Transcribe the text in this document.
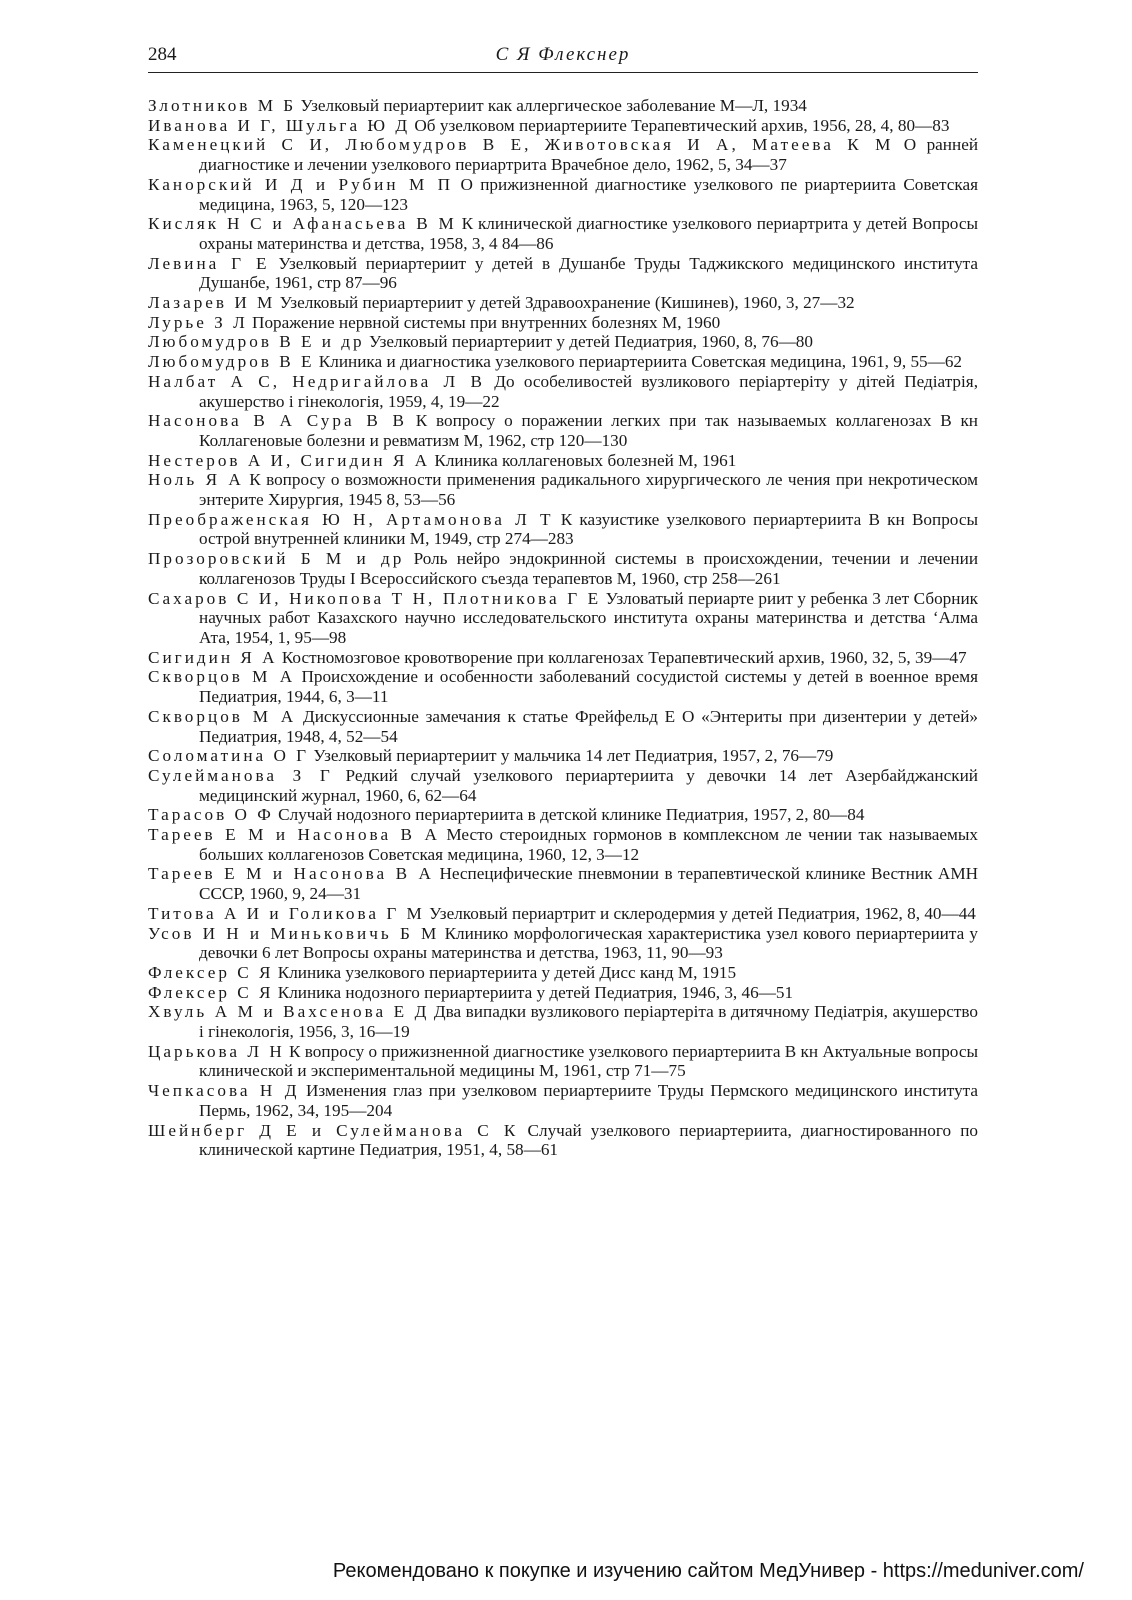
284	С Я Флекснер

Злотников М Б Узелковый периартериит как аллергическое заболевание М—Л, 1934

Иванова И Г, Шульга Ю Д Об узелковом периартериите Терапевтический архив, 1956, 28, 4, 80—83

Каменецкий С И, Любомудров В Е, Животовская И А, Матеева К М О ранней диагностике и лечении узелкового периартрита Врачебное дело, 1962, 5, 34—37

Канорский И Д и Рубин М П О прижизненной диагностике узелкового пе риартериита Советская медицина, 1963, 5, 120—123

Кисляк Н С и Афанасьева В М К клинической диагностике узелкового периартрита у детей Вопросы охраны материнства и детства, 1958, 3, 4 84—86

Левина Г Е Узелковый периартериит у детей в Душанбе Труды Таджикского медицинского института Душанбе, 1961, стр 87—96

Лазарев И М Узелковый периартериит у детей Здравоохранение (Кишинев), 1960, 3, 27—32

Лурье З Л Поражение нервной системы при внутренних болезнях М, 1960

Любомудров В Е и др Узелковый периартериит у детей Педиатрия, 1960, 8, 76—80

Любомудров В Е Клиника и диагностика узелкового периартериита Советская медицина, 1961, 9, 55—62

Налбат А С, Недригайлова Л В До особеливостей вузликового перiартерiту у дiтей Педiатрiя, акушерство i гiнекологiя, 1959, 4, 19—22

Насонова В А Сура В В К вопросу о поражении легких при так называемых коллагенозах В кн Коллагеновые болезни и ревматизм М, 1962, стр 120—130

Нестеров А И, Сигидин Я А Клиника коллагеновых болезней М, 1961

Ноль Я А К вопросу о возможности применения радикального хирургического ле чения при некротическом энтерите Хирургия, 1945 8, 53—56

Преображенская Ю Н, Артамонова Л Т К казуистике узелкового периартериита В кн Вопросы острой внутренней клиники М, 1949, стр 274—283

Прозоровский Б М и др Роль нейро эндокринной системы в происхождении, течении и лечении коллагенозов Труды I Всероссийского съезда терапевтов М, 1960, стр 258—261

Сахаров С И, Никопова Т Н, Плотникова Г Е Узловатый периарте риит у ребенка 3 лет Сборник научных работ Казахского научно исследовательского института охраны материнства и детства ‘Алма Ата, 1954, 1, 95—98

Сигидин Я А Костномозговое кровотворение при коллагенозах Терапевтический архив, 1960, 32, 5, 39—47

Скворцов М А Происхождение и особенности заболеваний сосудистой системы у детей в военное время Педиатрия, 1944, 6, 3—11

Скворцов М А Дискуссионные замечания к статье Фрейфельд Е О «Энтериты при дизентерии у детей» Педиатрия, 1948, 4, 52—54

Соломатина О Г Узелковый периартериит у мальчика 14 лет Педиатрия, 1957, 2, 76—79

Сулейманова З Г Редкий случай узелкового периартериита у девочки 14 лет Азербайджанский медицинский журнал, 1960, 6, 62—64

Тарасов О Ф Случай нодозного периартериита в детской клинике Педиатрия, 1957, 2, 80—84

Тареев Е М и Насонова В А Место стероидных гормонов в комплексном ле чении так называемых больших коллагенозов Советская медицина, 1960, 12, 3—12

Тареев Е М и Насонова В А Неспецифические пневмонии в терапевтической клинике Вестник АМН СССР, 1960, 9, 24—31

Титова А И и Голикова Г М Узелковый периартрит и склеродермия у детей Педиатрия, 1962, 8, 40—44

Усов И Н и Миньковичь Б М Клинико морфологическая характеристика узел кового периартериита у девочки 6 лет Вопросы охраны материнства и детства, 1963, 11, 90—93

Флексер С Я Клиника узелкового периартериита у детей Дисс канд М, 1915

Флексер С Я Клиника нодозного периартериита у детей Педиатрия, 1946, 3, 46—51

Хвуль А М и Вахсенова Е Д Два випадки вузликового перiартерiта в дитячному Педiатрiя, акушерство i гiнекологiя, 1956, 3, 16—19

Царькова Л Н К вопросу о прижизненной диагностике узелкового периартериита В кн Актуальные вопросы клинической и экспериментальной медицины М, 1961, стр 71—75

Чепкасова Н Д Изменения глаз при узелковом периартериите Труды Пермского медицинского института Пермь, 1962, 34, 195—204

Шейнберг Д Е и Сулейманова С К Случай узелкового периартериита, диагностированного по клинической картине Педиатрия, 1951, 4, 58—61

Рекомендовано к покупке и изучению сайтом МедУнивер - https://meduniver.com/
